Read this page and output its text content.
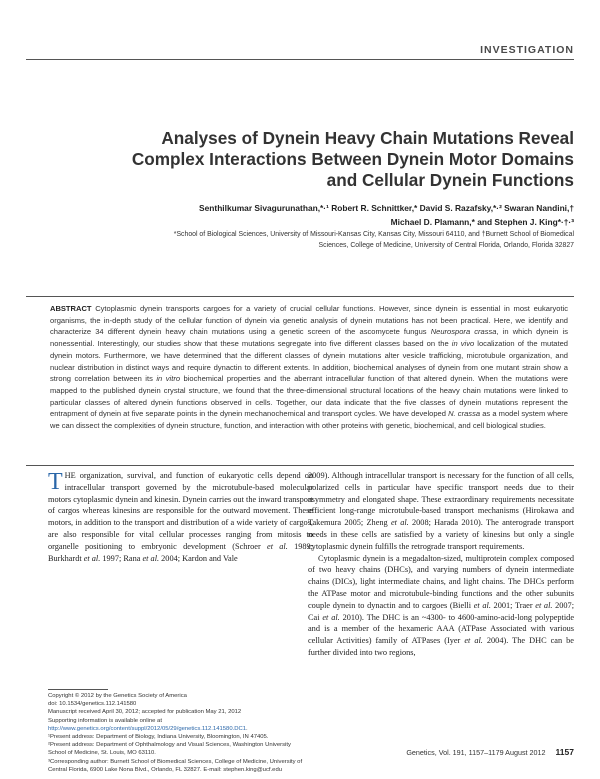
INVESTIGATION
Analyses of Dynein Heavy Chain Mutations Reveal Complex Interactions Between Dynein Motor Domains and Cellular Dynein Functions
Senthilkumar Sivagurunathan,*·¹ Robert R. Schnittker,* David S. Razafsky,*·² Swaran Nandini,†
Michael D. Plamann,* and Stephen J. King*·†·³
*School of Biological Sciences, University of Missouri-Kansas City, Kansas City, Missouri 64110, and †Burnett School of Biomedical
Sciences, College of Medicine, University of Central Florida, Orlando, Florida 32827

ABSTRACT Cytoplasmic dynein transports cargoes for a variety of crucial cellular functions. However, since dynein is essential in most eukaryotic organisms, the in-depth study of the cellular function of dynein via genetic analysis of dynein mutations has not been practical. Here, we identify and characterize 34 different dynein heavy chain mutations using a genetic screen of the ascomycete fungus Neurospora crassa, in which dynein is nonessential. Interestingly, our studies show that these mutations segregate into five different classes based on the in vivo localization of the mutated dynein motors. Furthermore, we have determined that the different classes of dynein mutations alter vesicle trafficking, microtubule organization, and nuclear distribution in distinct ways and require dynactin to different extents. In addition, biochemical analyses of dynein from one mutant strain show a strong correlation between its in vitro biochemical properties and the aberrant intracellular function of that altered dynein. When the mutations were mapped to the published dynein crystal structure, we found that the three-dimensional structural locations of the heavy chain mutations were linked to particular classes of altered dynein functions observed in cells. Together, our data indicate that the five classes of dynein mutations represent the entrapment of dynein at five separate points in the dynein mechanochemical and transport cycles. We have developed N. crassa as a model system where we can dissect the complexities of dynein structure, function, and interaction with other proteins with genetic, biochemical, and cell biological studies.

THE organization, survival, and function of eukaryotic cells depend on intracellular transport governed by the microtubule-based molecular motors cytoplasmic dynein and kinesin. Dynein carries out the inward transport of cargos whereas kinesins are responsible for the outward movement. These motors, in addition to the transport and distribution of a wide variety of cargos, are also responsible for vital cellular processes ranging from mitosis to organelle positioning to embryonic development (Schroer et al. 1989; Burkhardt et al. 1997; Rana et al. 2004; Kardon and Vale

2009). Although intracellular transport is necessary for the function of all cells, polarized cells in particular have specific transport needs due to their asymmetry and elongated shape. These extraordinary requirements necessitate efficient long-range microtubule-based transport mechanisms (Hirokawa and Takemura 2005; Zheng et al. 2008; Harada 2010). The anterograde transport needs in these cells are satisfied by a variety of kinesins but only a single cytoplasmic dynein fulfills the retrograde transport requirements.

Cytoplasmic dynein is a megadalton-sized, multiprotein complex composed of two heavy chains (DHCs), and varying numbers of dynein intermediate chains (DICs), light intermediate chains, and light chains. The DHCs perform the ATPase motor and microtubule-binding functions and the other subunits couple dynein to dynactin and to cargoes (Bielli et al. 2001; Traer et al. 2007; Cai et al. 2010). The DHC is an ~4300- to 4600-amino-acid-long polypeptide and is a member of the hexameric AAA (ATPase Associated with various cellular Activities) family of ATPases (Iyer et al. 2004). The DHC can be further divided into two regions,

Copyright © 2012 by the Genetics Society of America

doi: 10.1534/genetics.112.141580

Manuscript received April 30, 2012; accepted for publication May 21, 2012

Supporting information is available online at http://www.genetics.org/content/suppl/2012/05/29/genetics.112.141580.DC1.

¹Present address: Department of Biology, Indiana University, Bloomington, IN 47405.

²Present address: Department of Ophthalmology and Visual Sciences, Washington University School of Medicine, St. Louis, MO 63110.

³Corresponding author: Burnett School of Biomedical Sciences, College of Medicine, University of Central Florida, 6900 Lake Nona Blvd., Orlando, FL 32827. E-mail: stephen.king@ucf.edu

Genetics, Vol. 191, 1157–1179 August 2012 1157
